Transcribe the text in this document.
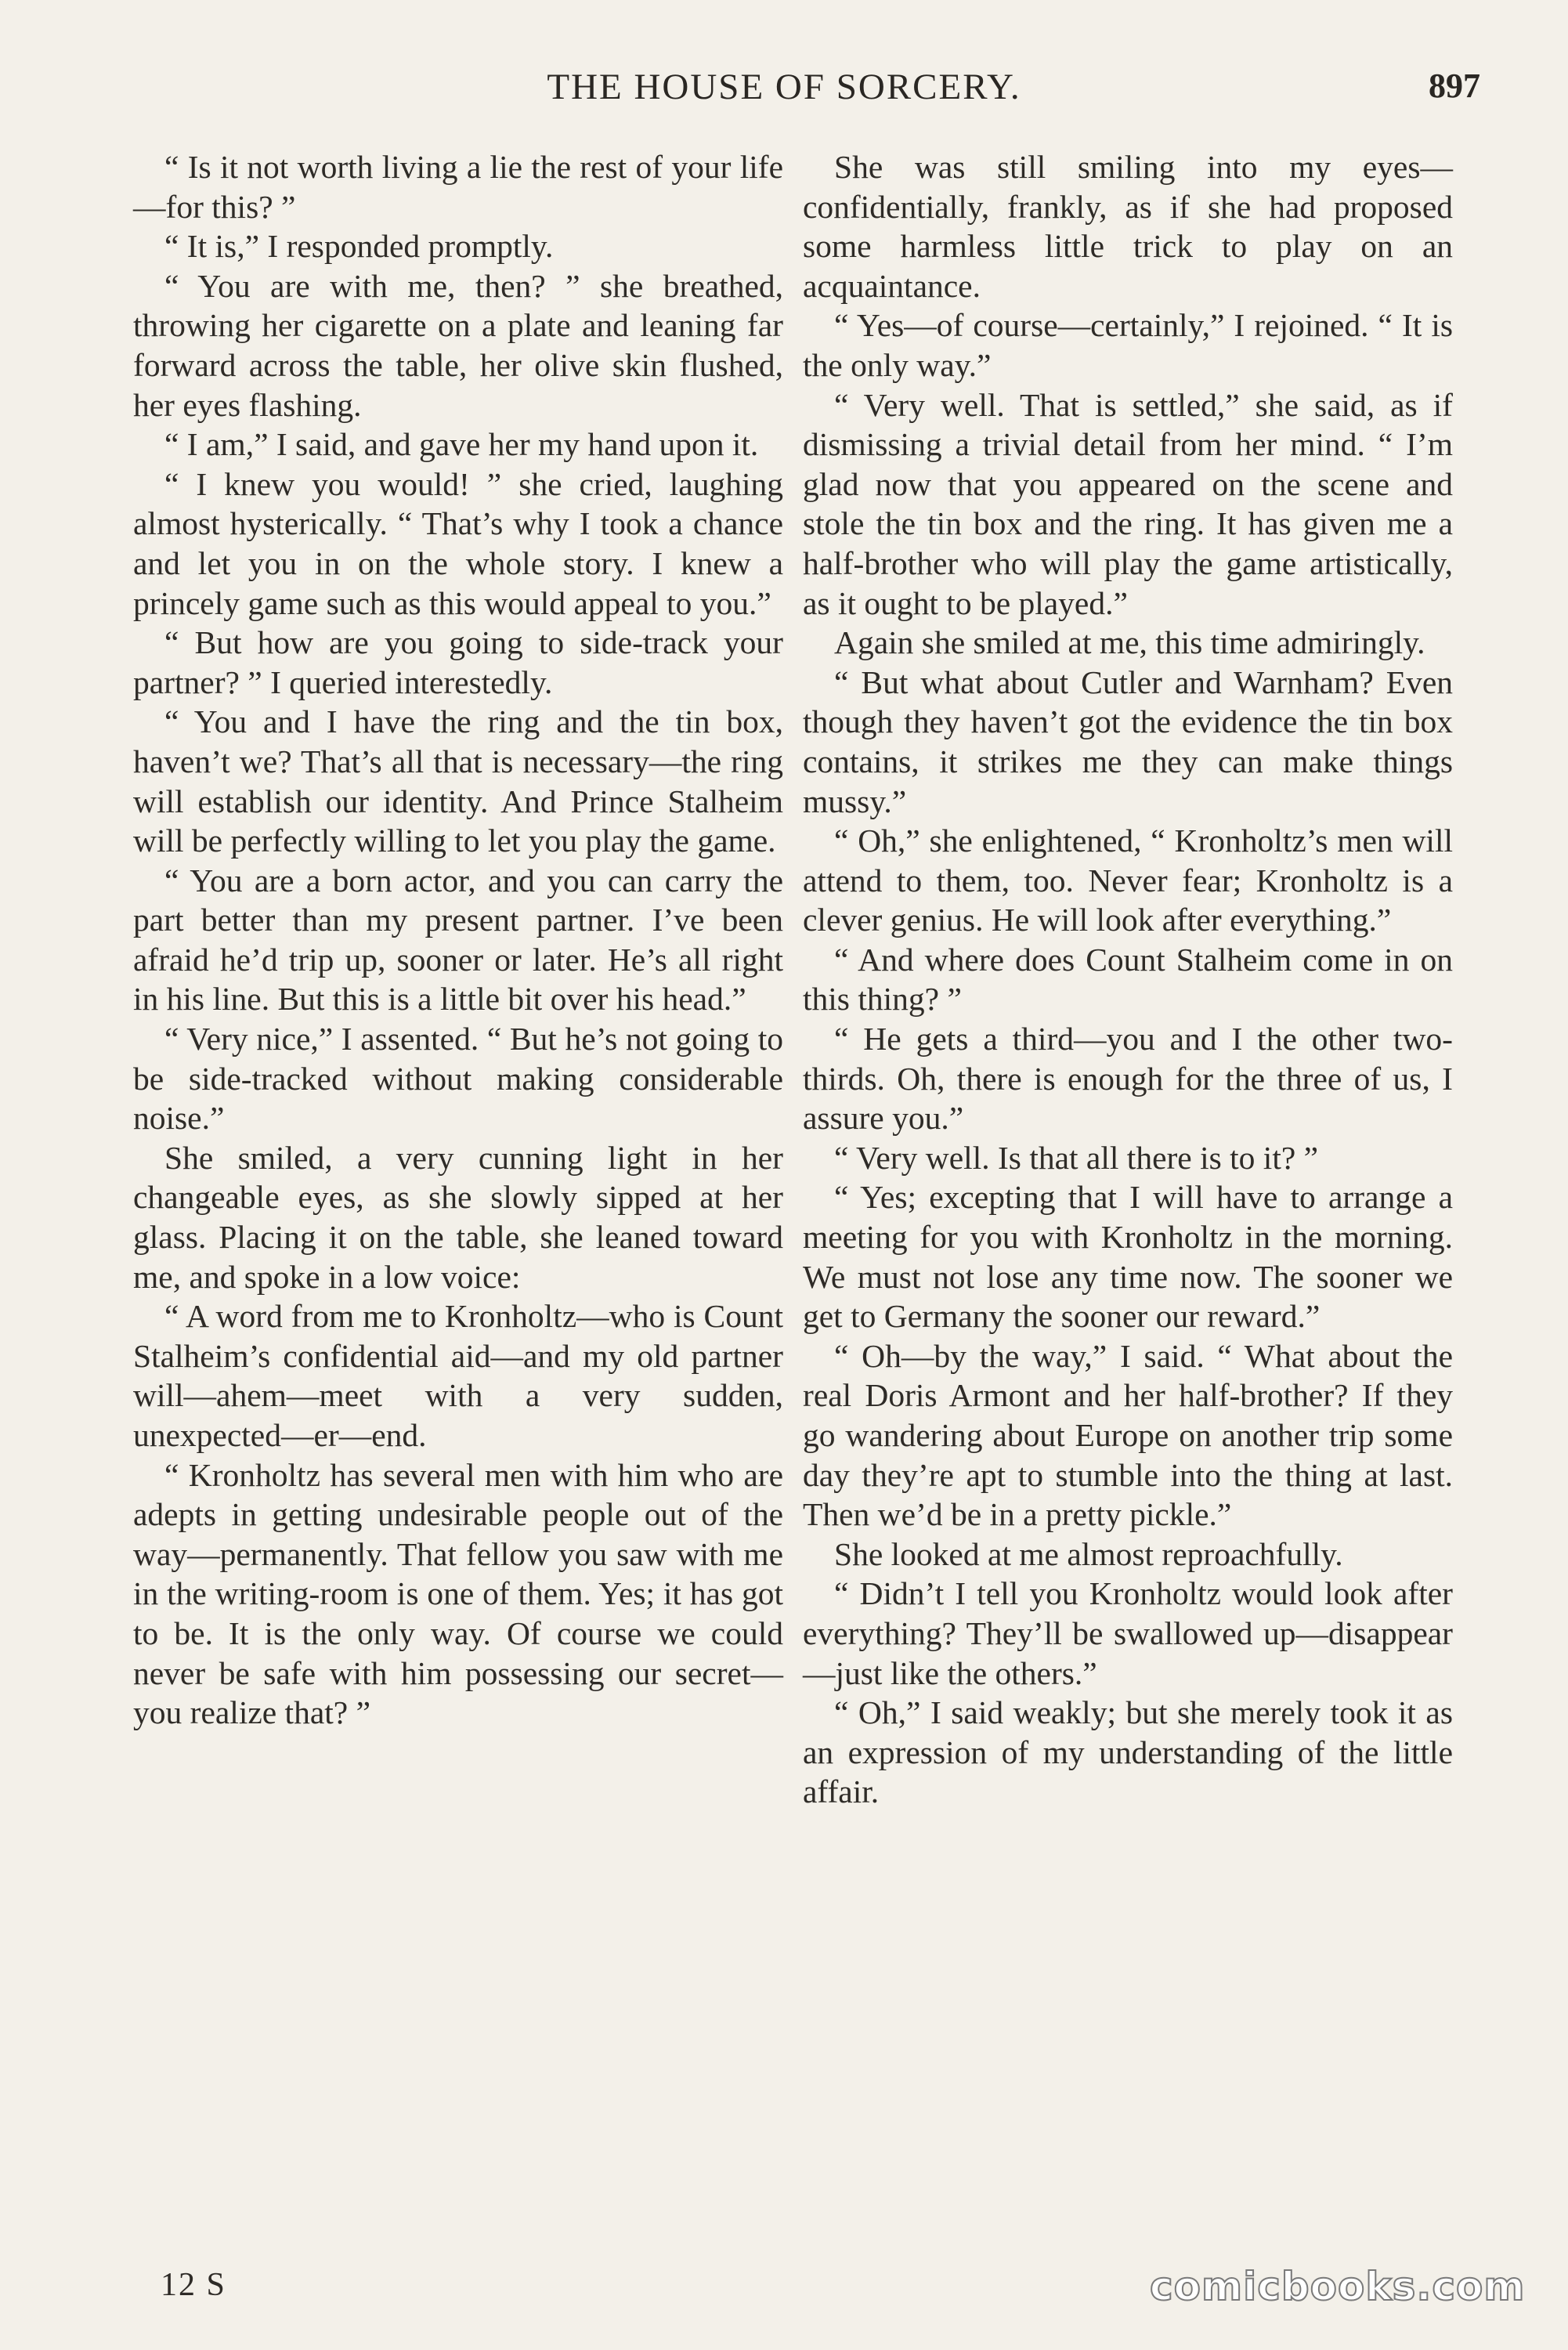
THE HOUSE OF SORCERY.	897

“ Is it not worth living a lie the rest of your life—for this? ”

“ It is,” I responded promptly.

“ You are with me, then? ” she breathed, throwing her cigarette on a plate and leaning far forward across the table, her olive skin flushed, her eyes flashing.

“ I am,” I said, and gave her my hand upon it.

“ I knew you would! ” she cried, laughing almost hysterically. “ That’s why I took a chance and let you in on the whole story. I knew a princely game such as this would appeal to you.”

“ But how are you going to side-track your partner? ” I queried interestedly.

“ You and I have the ring and the tin box, haven’t we? That’s all that is necessary—the ring will establish our identity. And Prince Stalheim will be perfectly willing to let you play the game.

“ You are a born actor, and you can carry the part better than my present partner. I’ve been afraid he’d trip up, sooner or later. He’s all right in his line. But this is a little bit over his head.”

“ Very nice,” I assented. “ But he’s not going to be side-tracked without making considerable noise.”

She smiled, a very cunning light in her changeable eyes, as she slowly sipped at her glass. Placing it on the table, she leaned toward me, and spoke in a low voice:

“ A word from me to Kronholtz—who is Count Stalheim’s confidential aid—and my old partner will—ahem—meet with a very sudden, unexpected—er—end.

“ Kronholtz has several men with him who are adepts in getting undesirable people out of the way—permanently. That fellow you saw with me in the writing-room is one of them. Yes; it has got to be. It is the only way. Of course we could never be safe with him possessing our secret—you realize that? ”

She was still smiling into my eyes—confidentially, frankly, as if she had proposed some harmless little trick to play on an acquaintance.

“ Yes—of course—certainly,” I rejoined. “ It is the only way.”

“ Very well. That is settled,” she said, as if dismissing a trivial detail from her mind. “ I’m glad now that you appeared on the scene and stole the tin box and the ring. It has given me a half-brother who will play the game artistically, as it ought to be played.”

Again she smiled at me, this time admiringly.

“ But what about Cutler and Warnham? Even though they haven’t got the evidence the tin box contains, it strikes me they can make things mussy.”

“ Oh,” she enlightened, “ Kronholtz’s men will attend to them, too. Never fear; Kronholtz is a clever genius. He will look after everything.”

“ And where does Count Stalheim come in on this thing? ”

“ He gets a third—you and I the other two-thirds. Oh, there is enough for the three of us, I assure you.”

“ Very well. Is that all there is to it? ”

“ Yes; excepting that I will have to arrange a meeting for you with Kronholtz in the morning. We must not lose any time now. The sooner we get to Germany the sooner our reward.”

“ Oh—by the way,” I said. “ What about the real Doris Armont and her half-brother? If they go wandering about Europe on another trip some day they’re apt to stumble into the thing at last. Then we’d be in a pretty pickle.”

She looked at me almost reproachfully.

“ Didn’t I tell you Kronholtz would look after everything? They’ll be swallowed up—disappear—just like the others.”

“ Oh,” I said weakly; but she merely took it as an expression of my understanding of the little affair.

12 S	comicbooks.com
